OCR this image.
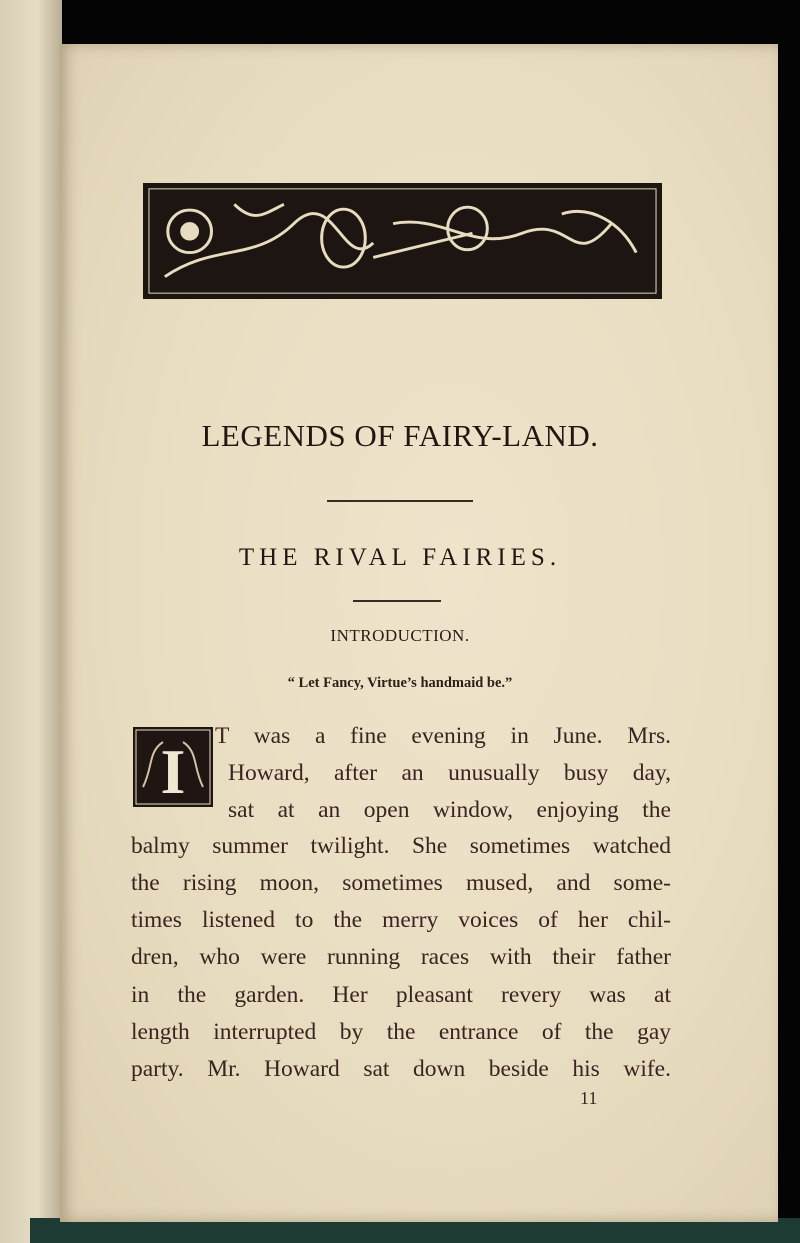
LEGENDS OF FAIRY-LAND.
THE RIVAL FAIRIES.
INTRODUCTION.
“ Let Fancy, Virtue’s handmaid be.”
I T was a fine evening in June. Mrs.
Howard, after an unusually busy day,
sat at an open window, enjoying the
balmy summer twilight. She sometimes watched
the rising moon, sometimes mused, and some-
times listened to the merry voices of her chil-
dren, who were running races with their father
in the garden. Her pleasant revery was at
length interrupted by the entrance of the gay
party. Mr. Howard sat down beside his wife.
11
